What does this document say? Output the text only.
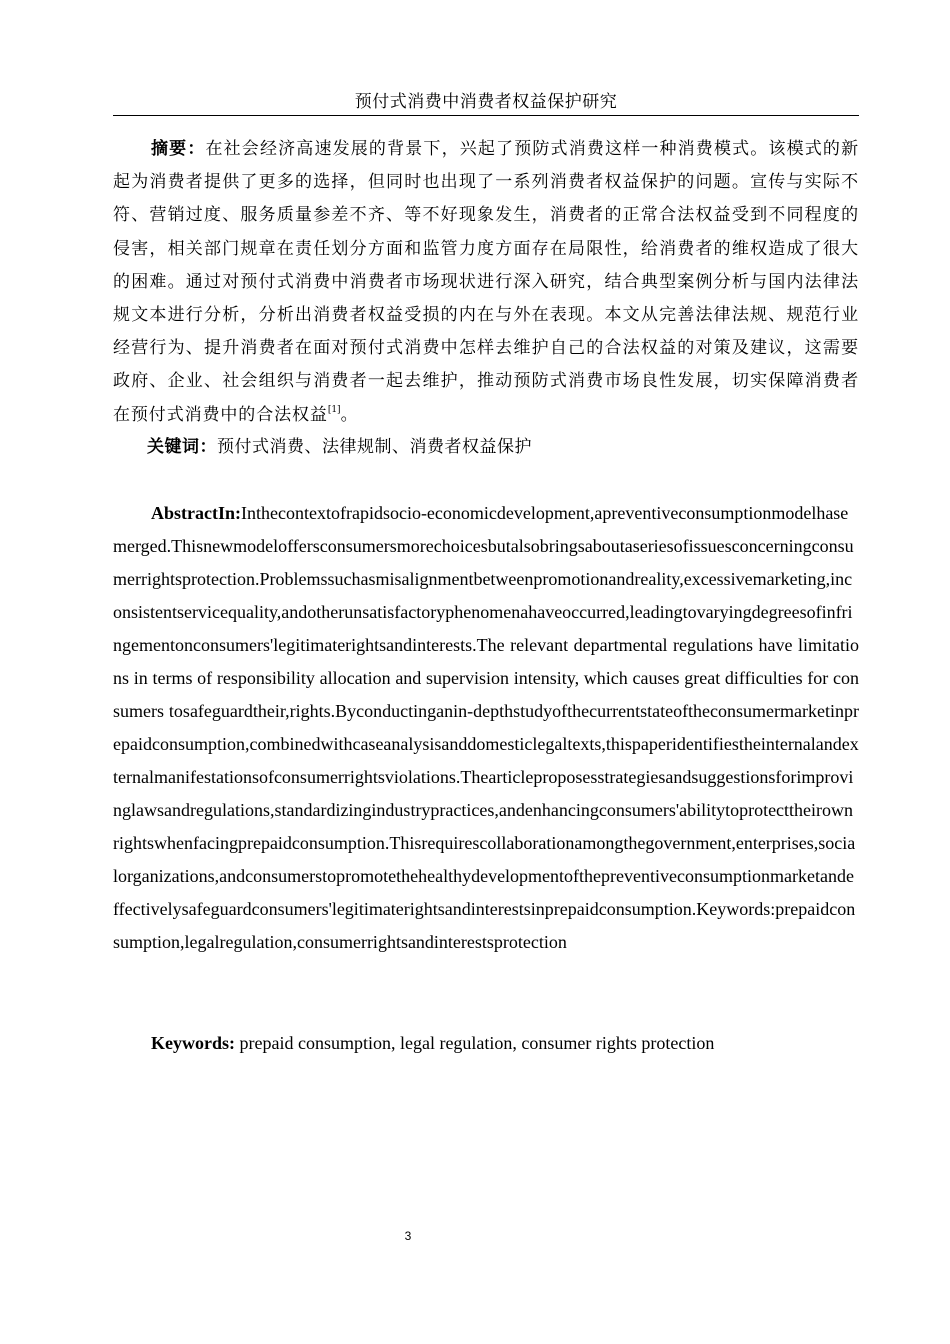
预付式消费中消费者权益保护研究

摘要：在社会经济高速发展的背景下，兴起了预防式消费这样一种消费模式。该模式的新起为消费者提供了更多的选择，但同时也出现了一系列消费者权益保护的问题。宣传与实际不符、营销过度、服务质量参差不齐、等不好现象发生，消费者的正常合法权益受到不同程度的侵害，相关部门规章在责任划分方面和监管力度方面存在局限性，给消费者的维权造成了很大的困难。通过对预付式消费中消费者市场现状进行深入研究，结合典型案例分析与国内法律法规文本进行分析，分析出消费者权益受损的内在与外在表现。本文从完善法律法规、规范行业经营行为、提升消费者在面对预付式消费中怎样去维护自己的合法权益的对策及建议，这需要政府、企业、社会组织与消费者一起去维护，推动预防式消费市场良性发展，切实保障消费者在预付式消费中的合法权益[1]。

关键词：预付式消费、法律规制、消费者权益保护

AbstractIn:Inthecontextofrapidsocio-economicdevelopment,apreventiveconsumptionmodelhasemerged.Thisnewmodeloffersconsumersmorechoicesbutalsobringsaboutaseriesofissuesconcerningconsumerrightsprotection.Problemssuchasmisalignmentbetweenpromotionandreality,excessivemarketing,inconsistentservicequality,andotherunsatisfactoryphenomenahaveoccurred,leadingtovaryingdegreesofinfringementonconsumers'legitimaterightsandinterests.The relevant departmental regulations have limitations in terms of responsibility allocation and supervision intensity, which causes great difficulties for consumers tosafeguardtheir,rights.Byconductinganin-depthstudyofthecurrentstateoftheconsumermarketinprepaidconsumption,combinedwithcaseanalysisanddomesticlegaltexts,thispaperidentifiestheinternalandexternalmanifestationsofconsumerrightsviolations.Thearticleproposesstrategiesandsuggestionsforimprovinglawsandregulations,standardizingindustrypractices,andenhancingconsumers'abilitytoprotecttheirownrightswhenfacingprepaidconsumption.Thisrequirescollaborationamongthegovernment,enterprises,socialorganizations,andconsumerstopromotethehealthydevelopmentofthepreventiveconsumptionmarketandeffectivelysafeguardconsumers'legitimaterightsandinterestsinprepaidconsumption.Keywords:prepaidconsumption,legalregulation,consumerrightsandinterestsprotection

Keywords: prepaid consumption, legal regulation, consumer rights protection

3
